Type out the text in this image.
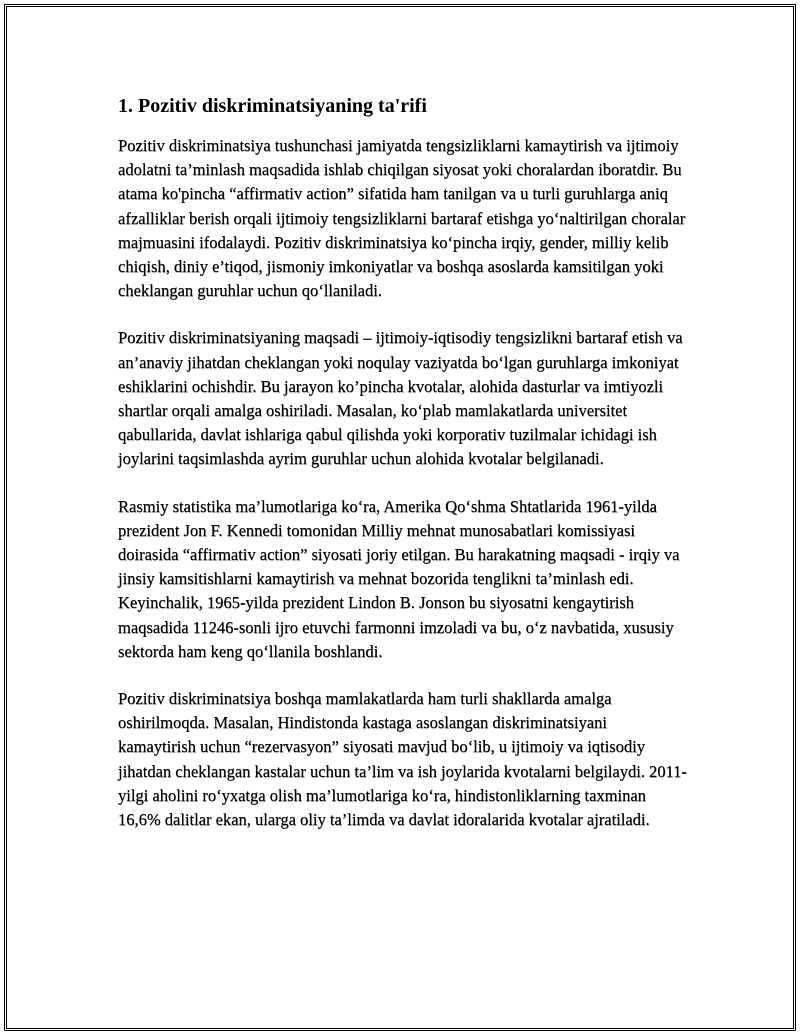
1. Pozitiv diskriminatsiyaning ta'rifi

Pozitiv diskriminatsiya tushunchasi jamiyatda tengsizliklarni kamaytirish va ijtimoiy adolatni ta’minlash maqsadida ishlab chiqilgan siyosat yoki choralardan iboratdir. Bu atama ko'pincha “affirmativ action” sifatida ham tanilgan va u turli guruhlarga aniq afzalliklar berish orqali ijtimoiy tengsizliklarni bartaraf etishga yo‘naltirilgan choralar majmuasini ifodalaydi. Pozitiv diskriminatsiya ko‘pincha irqiy, gender, milliy kelib chiqish, diniy e’tiqod, jismoniy imkoniyatlar va boshqa asoslarda kamsitilgan yoki cheklangan guruhlar uchun qo‘llaniladi.

Pozitiv diskriminatsiyaning maqsadi – ijtimoiy-iqtisodiy tengsizlikni bartaraf etish va an’anaviy jihatdan cheklangan yoki noqulay vaziyatda bo‘lgan guruhlarga imkoniyat eshiklarini ochishdir. Bu jarayon ko’pincha kvotalar, alohida dasturlar va imtiyozli shartlar orqali amalga oshiriladi. Masalan, ko‘plab mamlakatlarda universitet qabullarida, davlat ishlariga qabul qilishda yoki korporativ tuzilmalar ichidagi ish joylarini taqsimlashda ayrim guruhlar uchun alohida kvotalar belgilanadi.

Rasmiy statistika ma’lumotlariga ko‘ra, Amerika Qo‘shma Shtatlarida 1961-yilda prezident Jon F. Kennedi tomonidan Milliy mehnat munosabatlari komissiyasi doirasida “affirmativ action” siyosati joriy etilgan. Bu harakatning maqsadi - irqiy va jinsiy kamsitishlarni kamaytirish va mehnat bozorida tenglikni ta’minlash edi. Keyinchalik, 1965-yilda prezident Lindon B. Jonson bu siyosatni kengaytirish maqsadida 11246-sonli ijro etuvchi farmonni imzoladi va bu, o‘z navbatida, xususiy sektorda ham keng qo‘llanila boshlandi.

Pozitiv diskriminatsiya boshqa mamlakatlarda ham turli shakllarda amalga oshirilmoqda. Masalan, Hindistonda kastaga asoslangan diskriminatsiyani kamaytirish uchun “rezervasyon” siyosati mavjud bo‘lib, u ijtimoiy va iqtisodiy jihatdan cheklangan kastalar uchun ta’lim va ish joylarida kvotalarni belgilaydi. 2011-yilgi aholini ro‘yxatga olish ma’lumotlariga ko‘ra, hindistonliklarning taxminan 16,6% dalitlar ekan, ularga oliy ta’limda va davlat idoralarida kvotalar ajratiladi.
